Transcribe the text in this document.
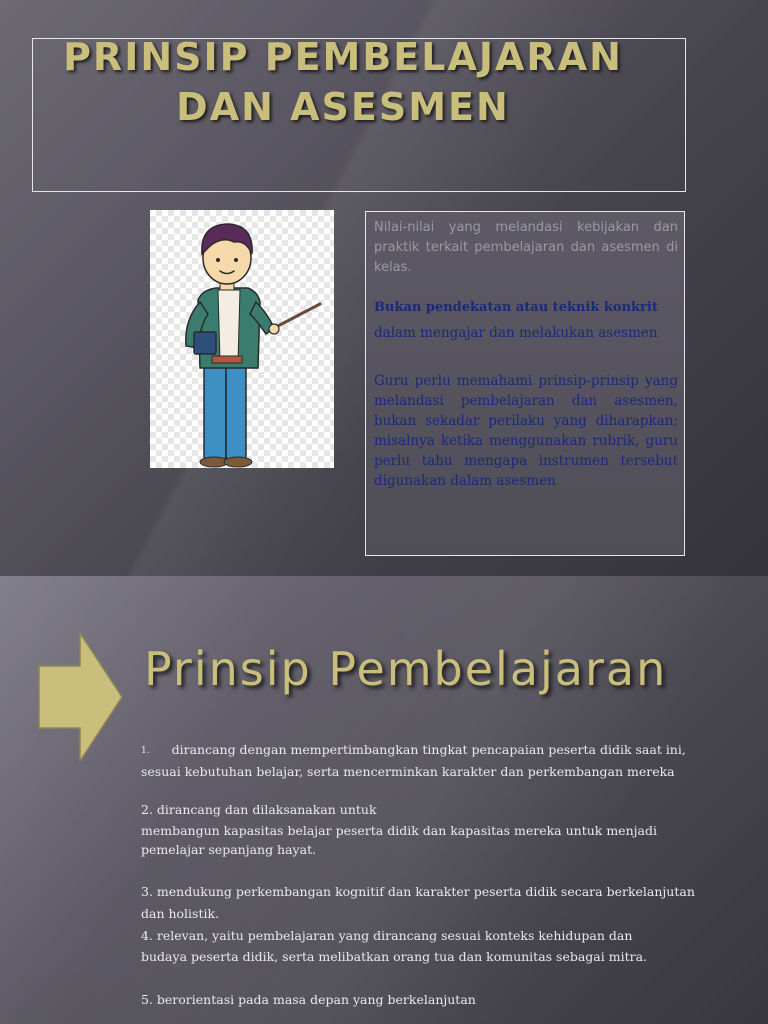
PRINSIP PEMBELAJARAN
DAN ASESMEN

Nilai-nilai yang melandasi kebijakan dan praktik terkait pembelajaran dan asesmen di kelas.

Bukan pendekatan atau teknik konkrit

dalam mengajar dan melakukan asesmen

Guru perlu memahami prinsip-prinsip yang melandasi pembelajaran dan asesmen, bukan sekadar perilaku yang diharapkan; misalnya ketika menggunakan rubrik, guru perlu tahu mengapa instrumen tersebut digunakan dalam asesmen

Prinsip Pembelajaran
1. dirancang dengan mempertimbangkan tingkat pencapaian peserta didik saat ini,
sesuai kebutuhan belajar, serta mencerminkan karakter dan perkembangan mereka
2. dirancang dan dilaksanakan untuk
membangun kapasitas belajar peserta didik dan kapasitas mereka untuk menjadi
pemelajar sepanjang hayat.
3. mendukung perkembangan kognitif dan karakter peserta didik secara berkelanjutan
dan holistik.
4. relevan, yaitu pembelajaran yang dirancang sesuai konteks kehidupan dan
budaya peserta didik, serta melibatkan orang tua dan komunitas sebagai mitra.
5. berorientasi pada masa depan yang berkelanjutan
